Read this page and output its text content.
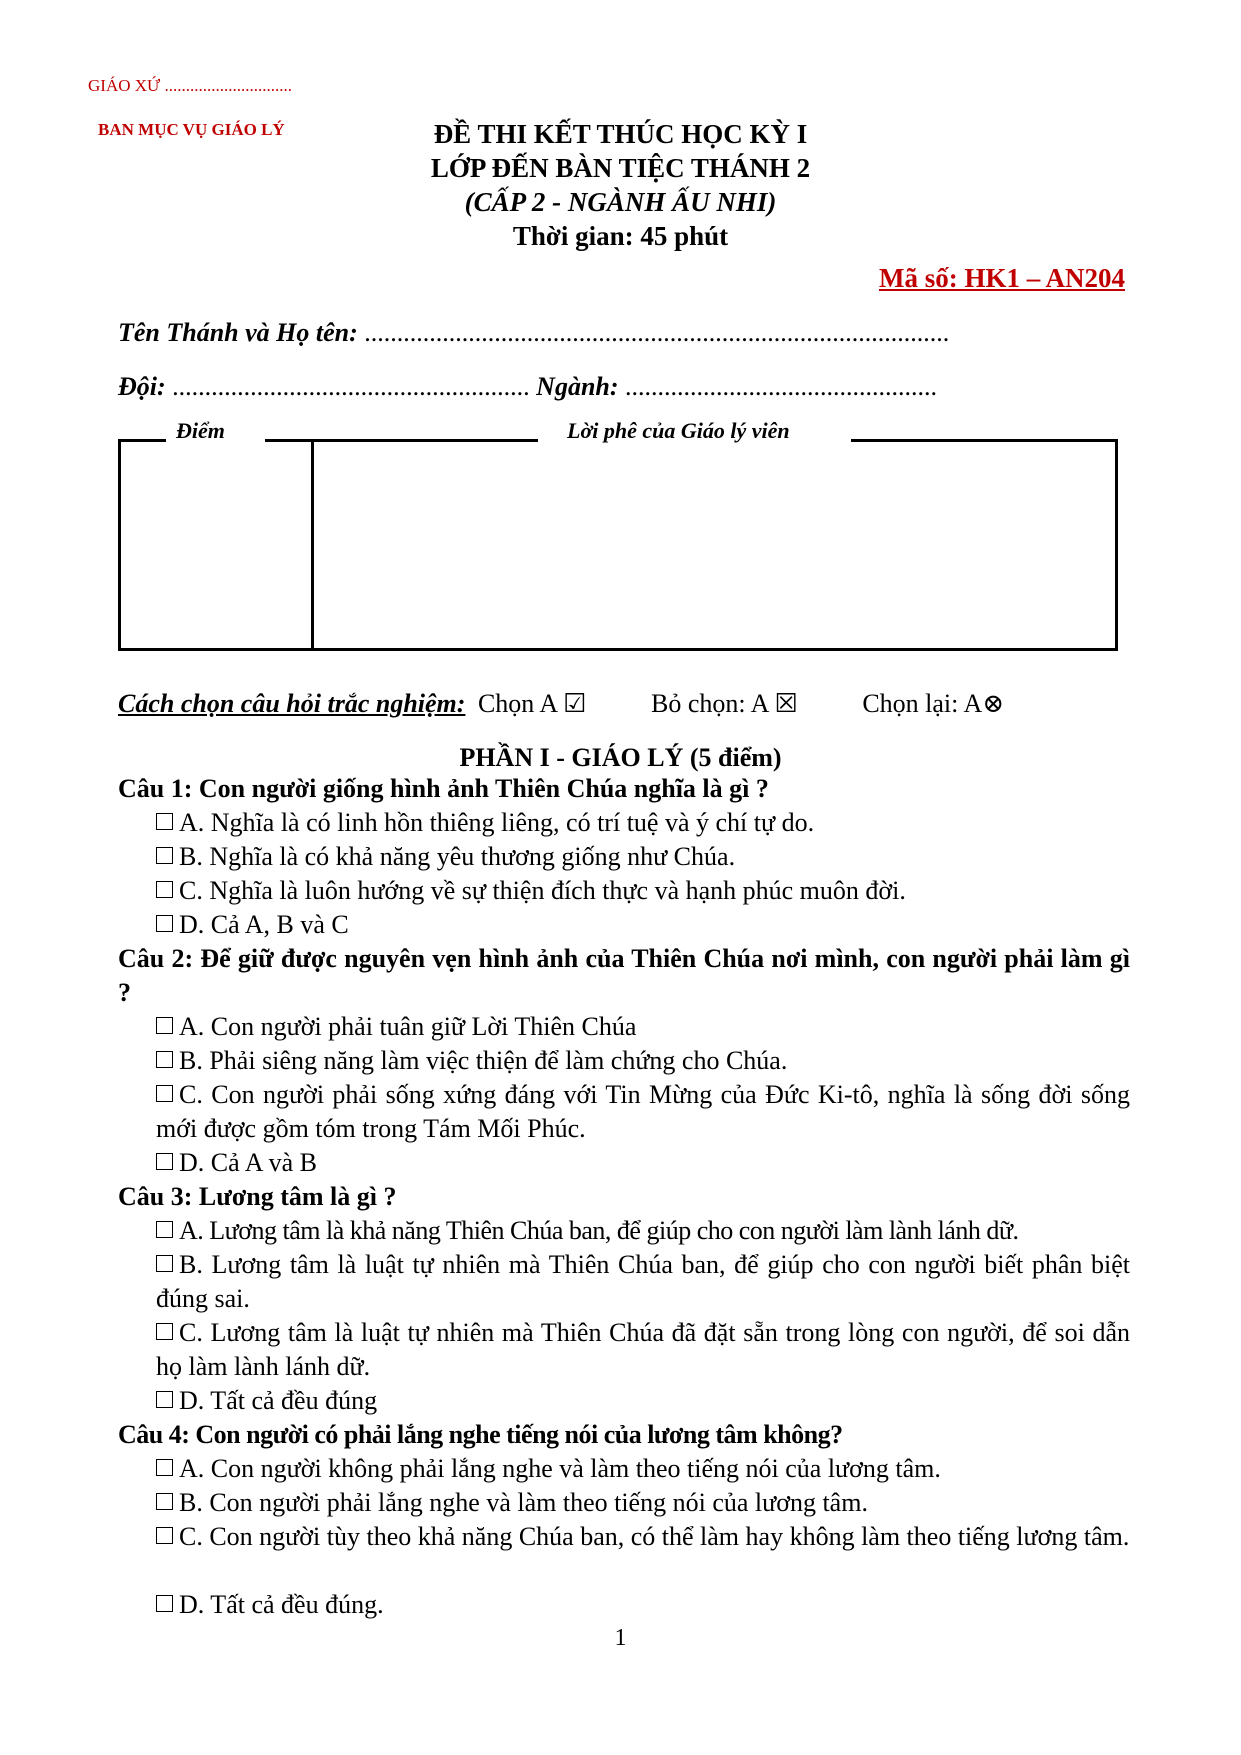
GIÁO XỨ ..............................
BAN MỤC VỤ GIÁO LÝ	ĐỀ THI KẾT THÚC HỌC KỲ I
LỚP ĐẾN BÀN TIỆC THÁNH 2
(CẤP 2 - NGÀNH ẤU NHI)
Thời gian: 45 phút
Mã số: HK1 – AN204
Tên Thánh và Họ tên: ..........................................................................................
Đội: ....................................................... Ngành: ................................................
Điểm	Lời phê của Giáo lý viên
Cách chọn câu hỏi trắc nghiệm: Chọn A ☑ Bỏ chọn: A ☒ Chọn lại: A⊗
PHẦN I - GIÁO LÝ (5 điểm)
Câu 1: Con người giống hình ảnh Thiên Chúa nghĩa là gì ?
A. Nghĩa là có linh hồn thiêng liêng, có trí tuệ và ý chí tự do.
B. Nghĩa là có khả năng yêu thương giống như Chúa.
C. Nghĩa là luôn hướng về sự thiện đích thực và hạnh phúc muôn đời.
D. Cả A, B và C
Câu 2: Để giữ được nguyên vẹn hình ảnh của Thiên Chúa nơi mình, con người phải làm gì ?
A. Con người phải tuân giữ Lời Thiên Chúa
B. Phải siêng năng làm việc thiện để làm chứng cho Chúa.
C. Con người phải sống xứng đáng với Tin Mừng của Đức Ki-tô, nghĩa là sống đời sống mới được gồm tóm trong Tám Mối Phúc.
D. Cả A và B
Câu 3: Lương tâm là gì ?
A. Lương tâm là khả năng Thiên Chúa ban, để giúp cho con người làm lành lánh dữ.
B. Lương tâm là luật tự nhiên mà Thiên Chúa ban, để giúp cho con người biết phân biệt đúng sai.
C. Lương tâm là luật tự nhiên mà Thiên Chúa đã đặt sẵn trong lòng con người, để soi dẫn họ làm lành lánh dữ.
D. Tất cả đều đúng
Câu 4: Con người có phải lắng nghe tiếng nói của lương tâm không?
A. Con người không phải lắng nghe và làm theo tiếng nói của lương tâm.
B. Con người phải lắng nghe và làm theo tiếng nói của lương tâm.
C. Con người tùy theo khả năng Chúa ban, có thể làm hay không làm theo tiếng lương tâm.
D. Tất cả đều đúng.
1
